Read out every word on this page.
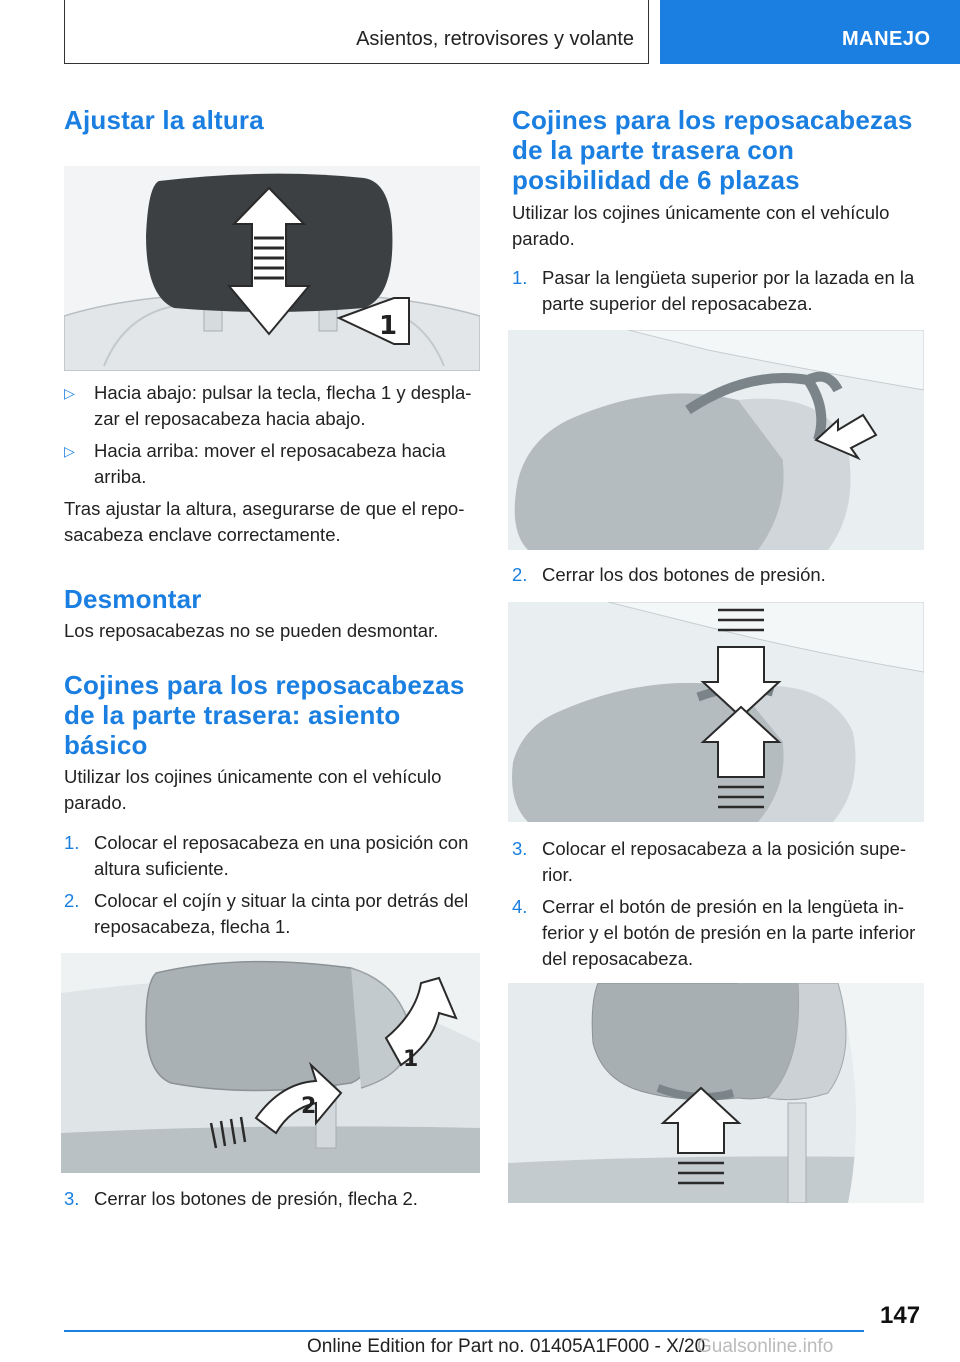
Asientos, retrovisores y volante	MANEJO
Ajustar la altura
1
▷ Hacia abajo: pulsar la tecla, flecha 1 y despla‐ zar el reposacabeza hacia abajo.
▷ Hacia arriba: mover el reposacabeza hacia arriba.

Tras ajustar la altura, asegurarse de que el repo‐ sacabeza enclave correctamente.

Desmontar

Los reposacabezas no se pueden desmontar.

Cojines para los reposacabezas de la parte trasera: asiento básico

Utilizar los cojines únicamente con el vehículo parado.

1. Colocar el reposacabeza en una posición con altura suficiente.
2. Colocar el cojín y situar la cinta por detrás del reposacabeza, flecha 1.
1
2
3. Cerrar los botones de presión, flecha 2.
Cojines para los reposacabezas de la parte trasera con posibilidad de 6 plazas

Utilizar los cojines únicamente con el vehículo parado.

1. Pasar la lengüeta superior por la lazada en la parte superior del reposacabeza.
2. Cerrar los dos botones de presión.
3. Colocar el reposacabeza a la posición supe‐ rior.
4. Cerrar el botón de presión en la lengüeta in‐ ferior y el botón de presión en la parte inferior del reposacabeza.
147
Online Edition for Part no. 01405A1F000 - X/20
Gualsonline.info
